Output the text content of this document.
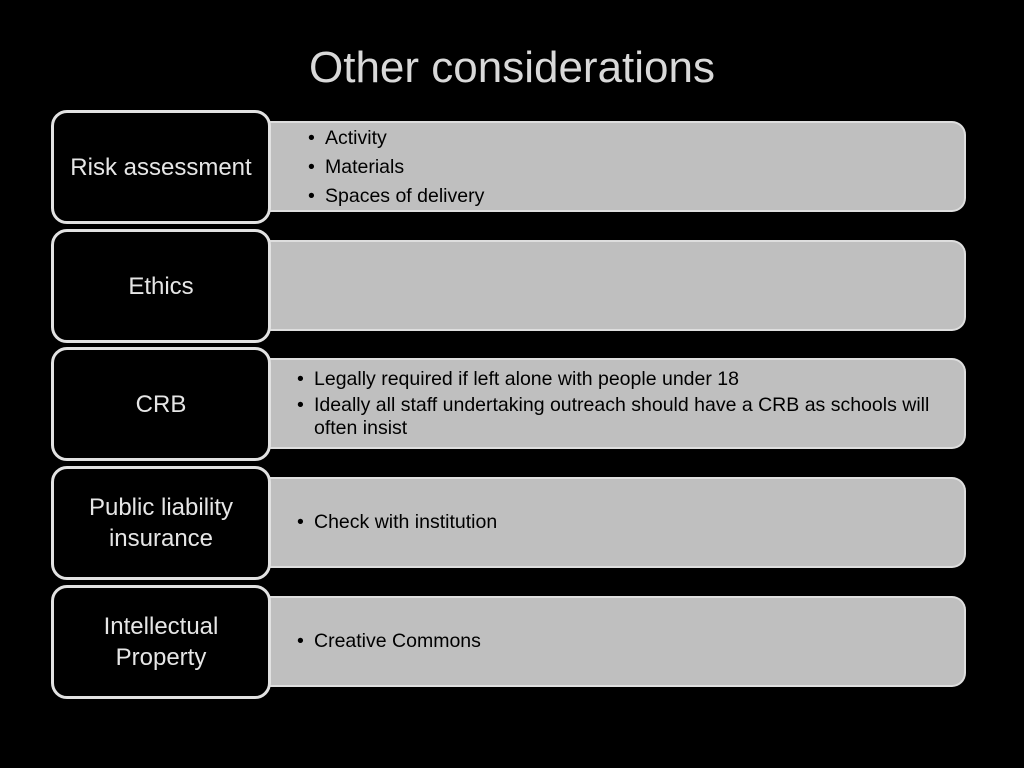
Other considerations
• Activity
• Materials
• Spaces of delivery
Risk assessment
Ethics
• Legally required if left alone with people under 18
• Ideally all staff undertaking outreach should have a CRB as schools will often insist
CRB
• Check with institution
Public liability insurance
• Creative Commons
Intellectual Property
